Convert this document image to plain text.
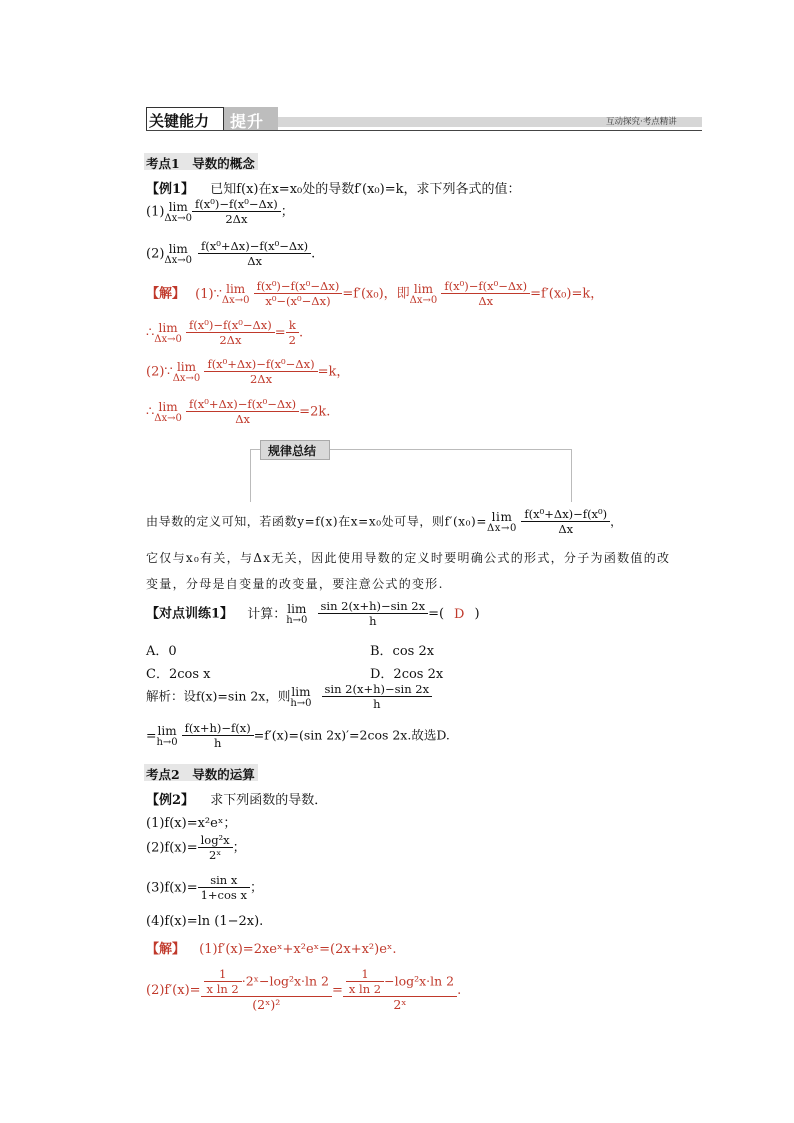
关键能力 提升	互动探究·考点精讲
考点1　导数的概念
【例1】 已知f(x)在x=x₀处的导数f′(x₀)=k，求下列各式的值：
(1) lim
$\Delta x\to 0 \frac{\text{f(x⁰)−f(x⁰−Δx)}}{2\Delta x}$ ；
(2) lim
$\Delta x\to 0 \frac{\text{f(x⁰+Δx)−f(x⁰−Δx)}}{\Delta x}$ .
【解】 (1)∵ lim
Δx→0
$\frac{\text{f(x⁰)−f(x⁰−Δx)}}{\text{x⁰−(x⁰−Δx)}} =f'(x_0)$，即 lim
Δx→0
$\frac{\text{f(x⁰)−f(x⁰−Δx)}}{\Delta x} =f'(x_0)=k$，
∴ lim
Δx→0
$\frac{\text{f(x⁰)−f(x⁰−Δx)}}{2\Delta x} = \frac{k}{2}$ .
(2)∵ lim
Δx→0
$\frac{\text{f(x⁰+Δx)−f(x⁰−Δx)}}{2\Delta x} =k$，
∴ lim
Δx→0
$\frac{\text{f(x⁰+Δx)−f(x⁰−Δx)}}{\Delta x} =2k$.
规律总结
由导数的定义可知，若函数y=f(x)在x=x₀处可导，则f′(x₀)= lim
Δx→0
$\frac{\text{f(x⁰+Δx)−f(x⁰)}}{\Delta x}$ ，
它仅与x₀有关，与Δx无关，因此使用导数的定义时要明确公式的形式，分子为函数值的改
变量，分母是自变量的改变量，要注意公式的变形.
【对点训练1】 计算： lim
h→0
$\frac{\sin 2(x+h)-\sin 2x}{h}$ =( D )
A．0	B．cos 2x
C．2cos x	D．2cos 2x
解析：设f(x)=sin 2x，则 lim
h→0
$\frac{\sin 2(x+h)-\sin 2x}{h}$
= lim
h→0
$\frac{f(x+h)-f(x)}{h} =f'(x)=(\sin$ 2x)′=2cos 2x.故选D.
考点2　导数的运算
【例2】 求下列函数的导数．
(1)f(x)=x²eˣ；
$(2)f(x)= \frac{\text{log²x}}{\text{2ˣ}}$ ；
$(3)f(x)= \frac{\text{sin x}}{\text{1+cos x}}$ ；
(4)f(x)=ln (1−2x).
【解】 (1)f′(x)=2xeˣ+x²eˣ=(2x+x²)eˣ.
$(2)f'(x)= \frac{\frac{1}{\text{x ln 2}} \cdot 2ˣ-\log^2x\cdot\ln 2}{\text{(2ˣ)²}} = \frac{\frac{1}{\text{x ln 2}} -\log^2x\cdot\ln 2}{\text{2ˣ}}$ .
